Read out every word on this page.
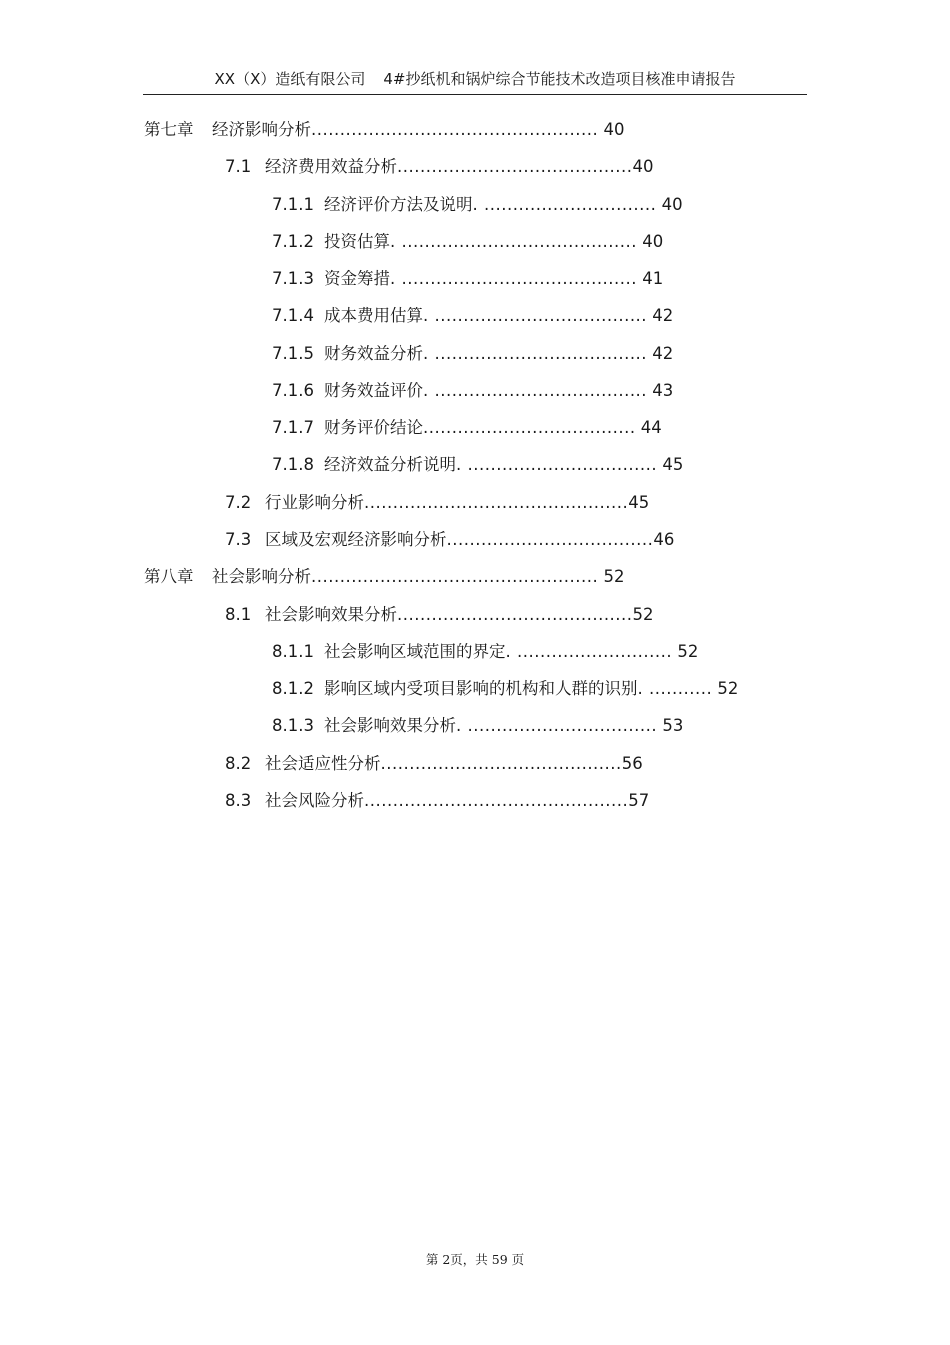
XX（X）造纸有限公司 4#抄纸机和锅炉综合节能技术改造项目核准申请报告
第七章 经济影响分析.................................................. 40
7.1 经济费用效益分析.........................................40
7.1.1 经济评价方法及说明. .............................. 40
7.1.2 投资估算. ......................................... 40
7.1.3 资金筹措. ......................................... 41
7.1.4 成本费用估算. ..................................... 42
7.1.5 财务效益分析. ..................................... 42
7.1.6 财务效益评价. ..................................... 43
7.1.7财务评价结论..................................... 44
7.1.8 经济效益分析说明. ................................. 45
7.2 行业影响分析..............................................45
7.3 区域及宏观经济影响分析....................................46
第八章 社会影响分析.................................................. 52
8.1 社会影响效果分析.........................................52
8.1.1 社会影响区域范围的界定. ........................... 52
8.1.2 影响区域内受项目影响的机构和人群的识别. ........... 52
8.1.3 社会影响效果分析. ................................. 53
8.2 社会适应性分析..........................................56
8.3 社会风险分析..............................................57
第 2页，共 59 页
